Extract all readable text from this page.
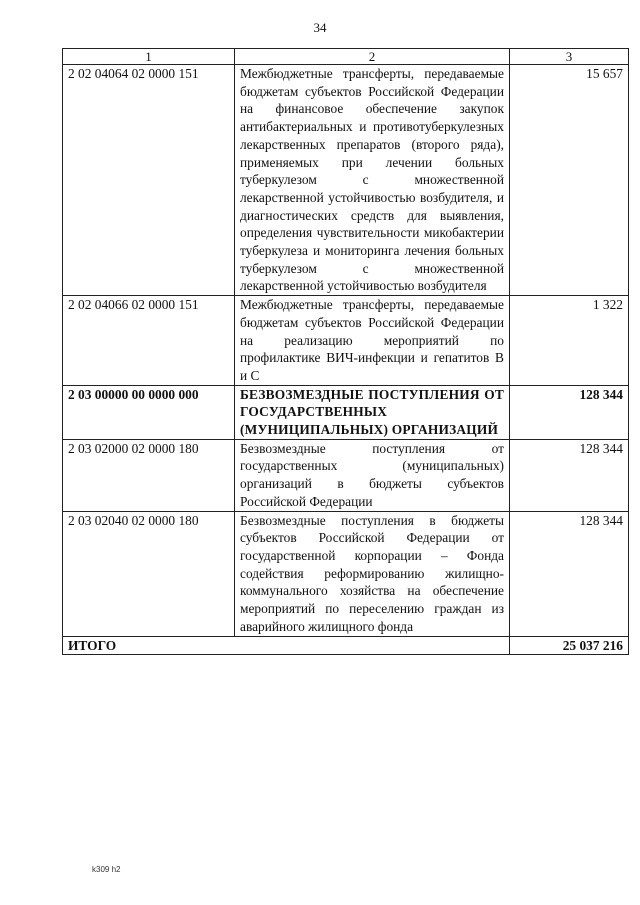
34
1	2	3
2 02 04064 02 0000 151	Межбюджетные трансферты, передаваемые бюджетам субъектов Российской Федерации на финансовое обеспечение закупок антибактериальных и противотуберкулезных лекарственных препаратов (второго ряда), применяемых при лечении больных туберкулезом с множественной лекарственной устойчивостью возбудителя, и диагностических средств для выявления, определения чувствительности микобактерии туберкулеза и мониторинга лечения больных туберкулезом с множественной лекарственной устойчивостью возбудителя	15 657
2 02 04066 02 0000 151	Межбюджетные трансферты, передаваемые бюджетам субъектов Российской Федерации на реализацию мероприятий по профилактике ВИЧ-инфекции и гепатитов B и C	1 322
2 03 00000 00 0000 000	БЕЗВОЗМЕЗДНЫЕ ПОСТУПЛЕНИЯ ОТ ГОСУДАРСТВЕННЫХ (МУНИЦИПАЛЬНЫХ) ОРГАНИЗАЦИЙ	128 344
2 03 02000 02 0000 180	Безвозмездные поступления от государственных (муниципальных) организаций в бюджеты субъектов Российской Федерации	128 344
2 03 02040 02 0000 180	Безвозмездные поступления в бюджеты субъектов Российской Федерации от государственной корпорации – Фонда содействия реформированию жилищно-коммунального хозяйства на обеспечение мероприятий по переселению граждан из аварийного жилищного фонда	128 344
ИТОГО		25 037 216
k309 h2
